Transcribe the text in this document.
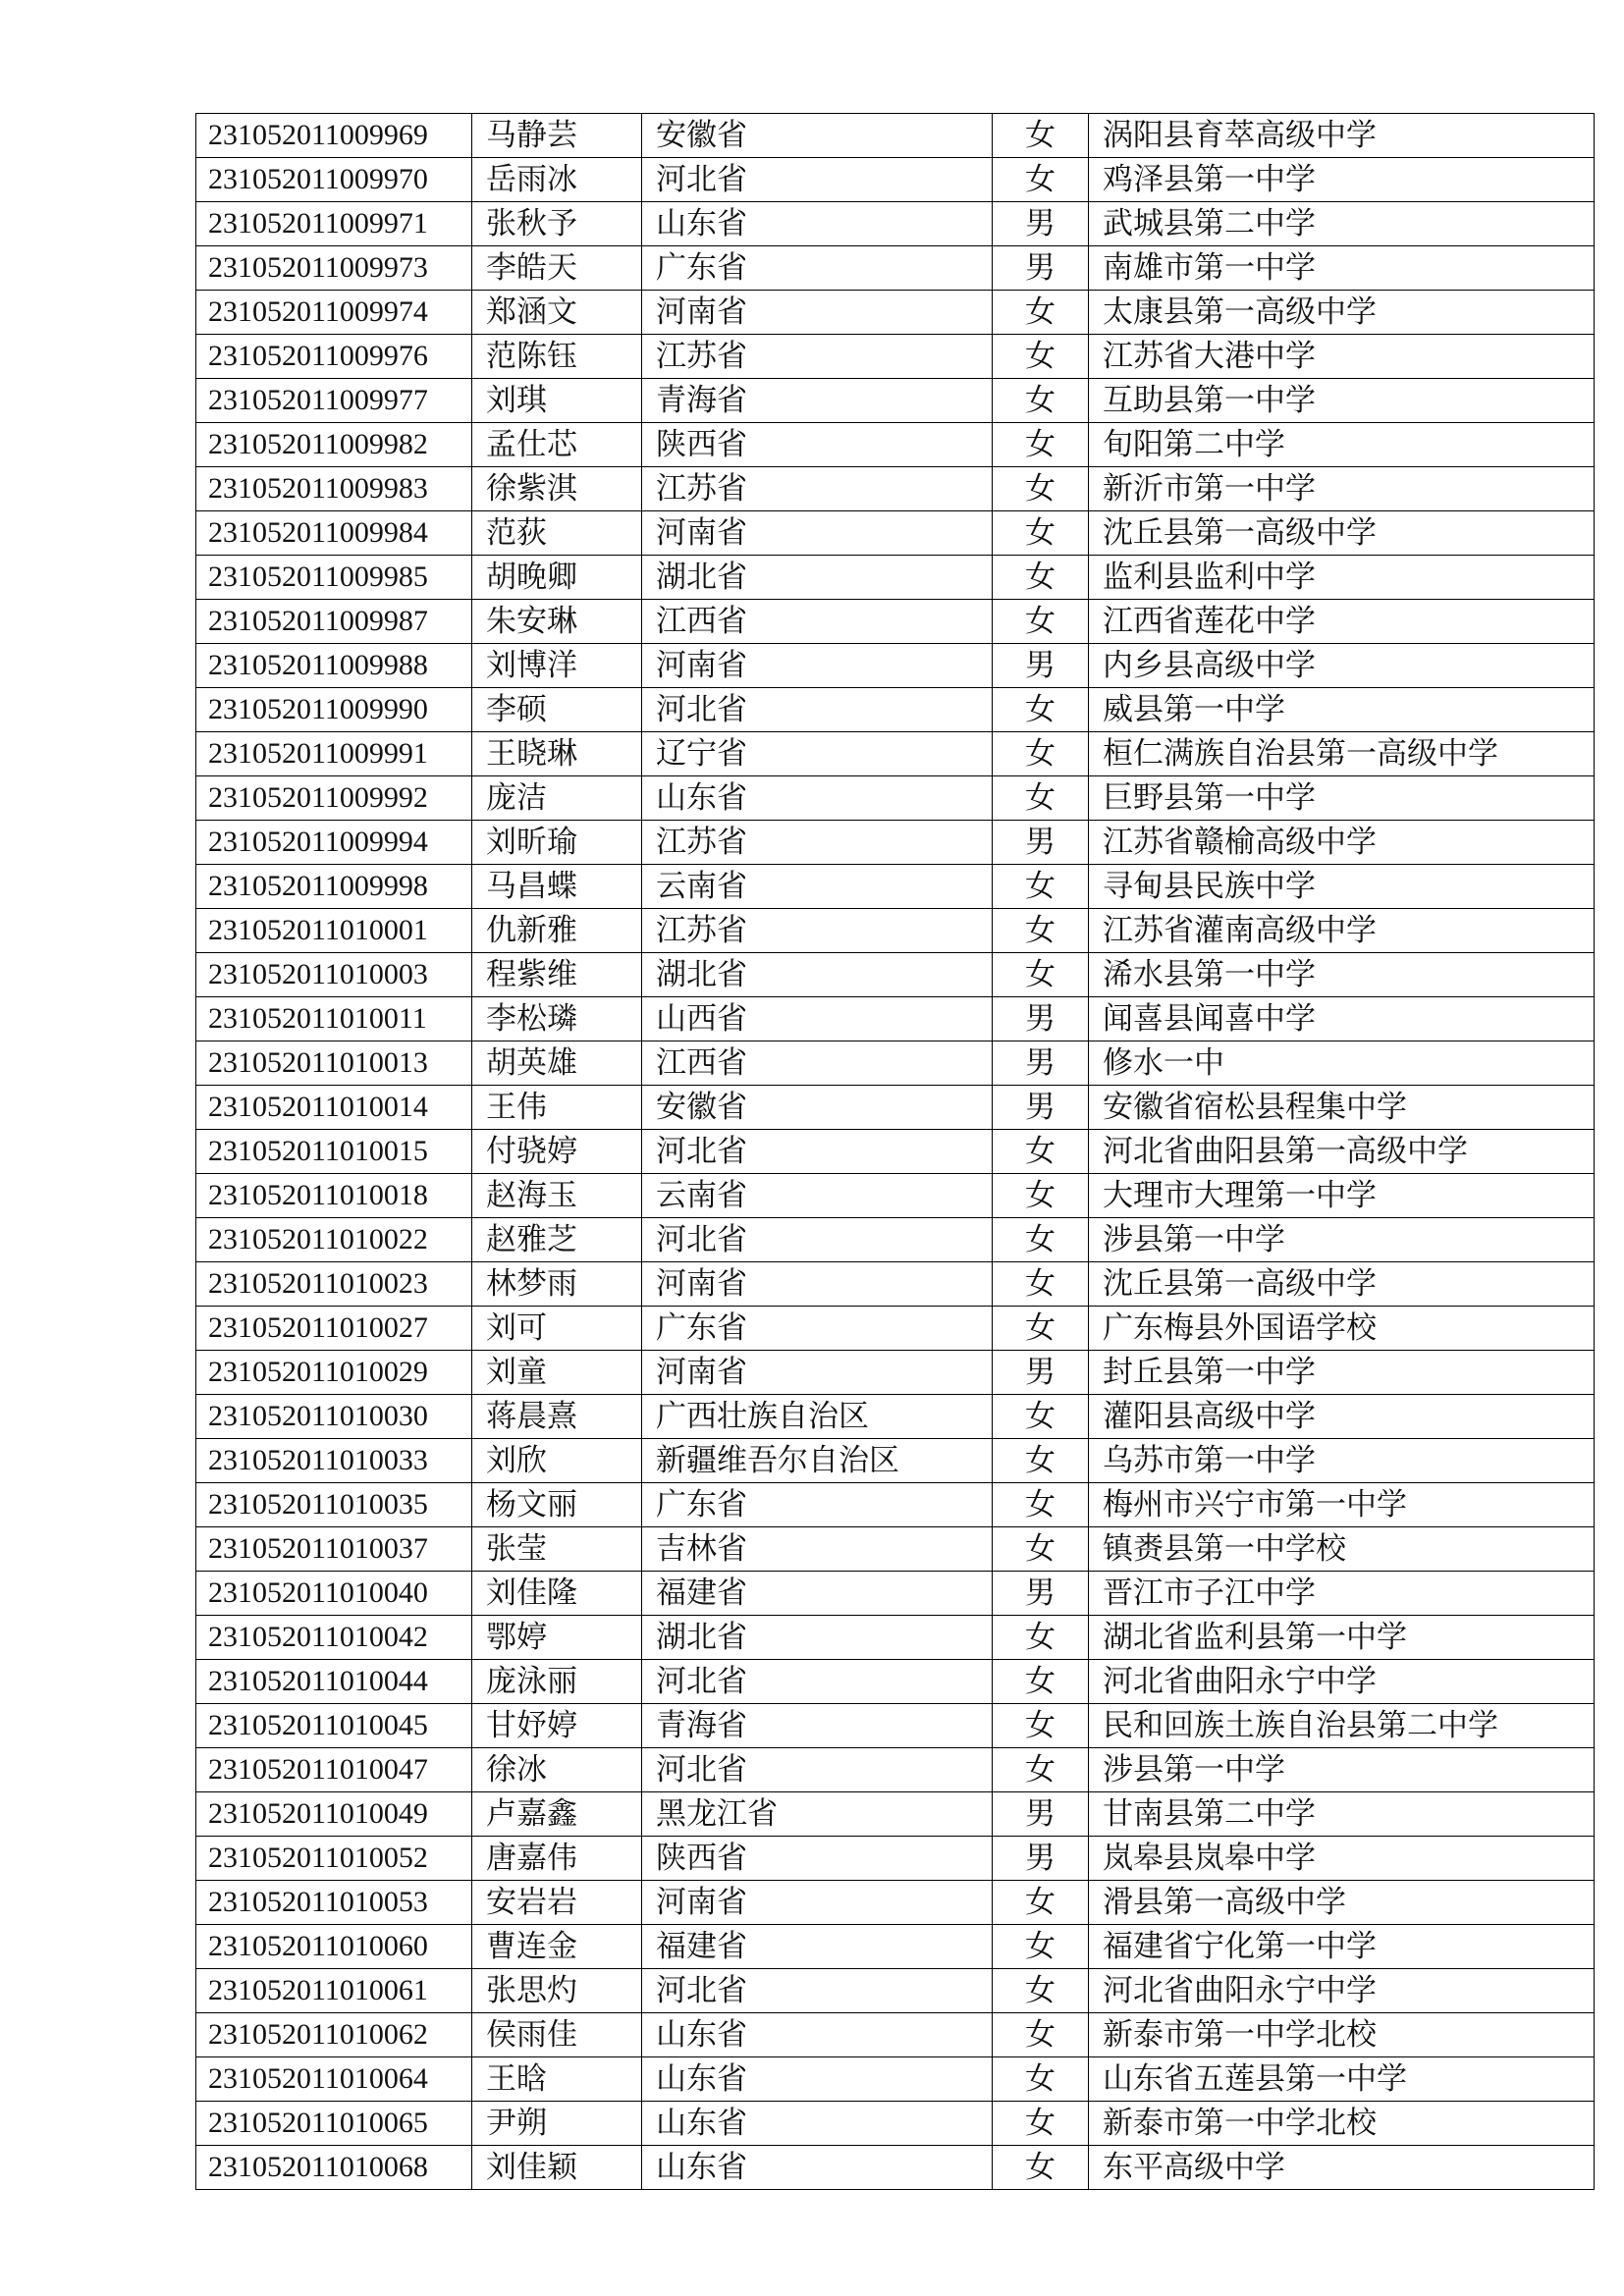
231052011009969	马静芸	安徽省	女	涡阳县育萃高级中学
231052011009970	岳雨冰	河北省	女	鸡泽县第一中学
231052011009971	张秋予	山东省	男	武城县第二中学
231052011009973	李皓天	广东省	男	南雄市第一中学
231052011009974	郑涵文	河南省	女	太康县第一高级中学
231052011009976	范陈钰	江苏省	女	江苏省大港中学
231052011009977	刘琪	青海省	女	互助县第一中学
231052011009982	孟仕芯	陕西省	女	旬阳第二中学
231052011009983	徐紫淇	江苏省	女	新沂市第一中学
231052011009984	范荻	河南省	女	沈丘县第一高级中学
231052011009985	胡晚卿	湖北省	女	监利县监利中学
231052011009987	朱安琳	江西省	女	江西省莲花中学
231052011009988	刘博洋	河南省	男	内乡县高级中学
231052011009990	李硕	河北省	女	威县第一中学
231052011009991	王晓琳	辽宁省	女	桓仁满族自治县第一高级中学
231052011009992	庞洁	山东省	女	巨野县第一中学
231052011009994	刘昕瑜	江苏省	男	江苏省赣榆高级中学
231052011009998	马昌蝶	云南省	女	寻甸县民族中学
231052011010001	仇新雅	江苏省	女	江苏省灌南高级中学
231052011010003	程紫维	湖北省	女	浠水县第一中学
231052011010011	李松璘	山西省	男	闻喜县闻喜中学
231052011010013	胡英雄	江西省	男	修水一中
231052011010014	王伟	安徽省	男	安徽省宿松县程集中学
231052011010015	付骁婷	河北省	女	河北省曲阳县第一高级中学
231052011010018	赵海玉	云南省	女	大理市大理第一中学
231052011010022	赵雅芝	河北省	女	涉县第一中学
231052011010023	林梦雨	河南省	女	沈丘县第一高级中学
231052011010027	刘可	广东省	女	广东梅县外国语学校
231052011010029	刘童	河南省	男	封丘县第一中学
231052011010030	蒋晨熹	广西壮族自治区	女	灌阳县高级中学
231052011010033	刘欣	新疆维吾尔自治区	女	乌苏市第一中学
231052011010035	杨文丽	广东省	女	梅州市兴宁市第一中学
231052011010037	张莹	吉林省	女	镇赉县第一中学校
231052011010040	刘佳隆	福建省	男	晋江市子江中学
231052011010042	鄂婷	湖北省	女	湖北省监利县第一中学
231052011010044	庞泳丽	河北省	女	河北省曲阳永宁中学
231052011010045	甘妤婷	青海省	女	民和回族土族自治县第二中学
231052011010047	徐冰	河北省	女	涉县第一中学
231052011010049	卢嘉鑫	黑龙江省	男	甘南县第二中学
231052011010052	唐嘉伟	陕西省	男	岚皋县岚皋中学
231052011010053	安岩岩	河南省	女	滑县第一高级中学
231052011010060	曹连金	福建省	女	福建省宁化第一中学
231052011010061	张思灼	河北省	女	河北省曲阳永宁中学
231052011010062	侯雨佳	山东省	女	新泰市第一中学北校
231052011010064	王晗	山东省	女	山东省五莲县第一中学
231052011010065	尹朔	山东省	女	新泰市第一中学北校
231052011010068	刘佳颖	山东省	女	东平高级中学
